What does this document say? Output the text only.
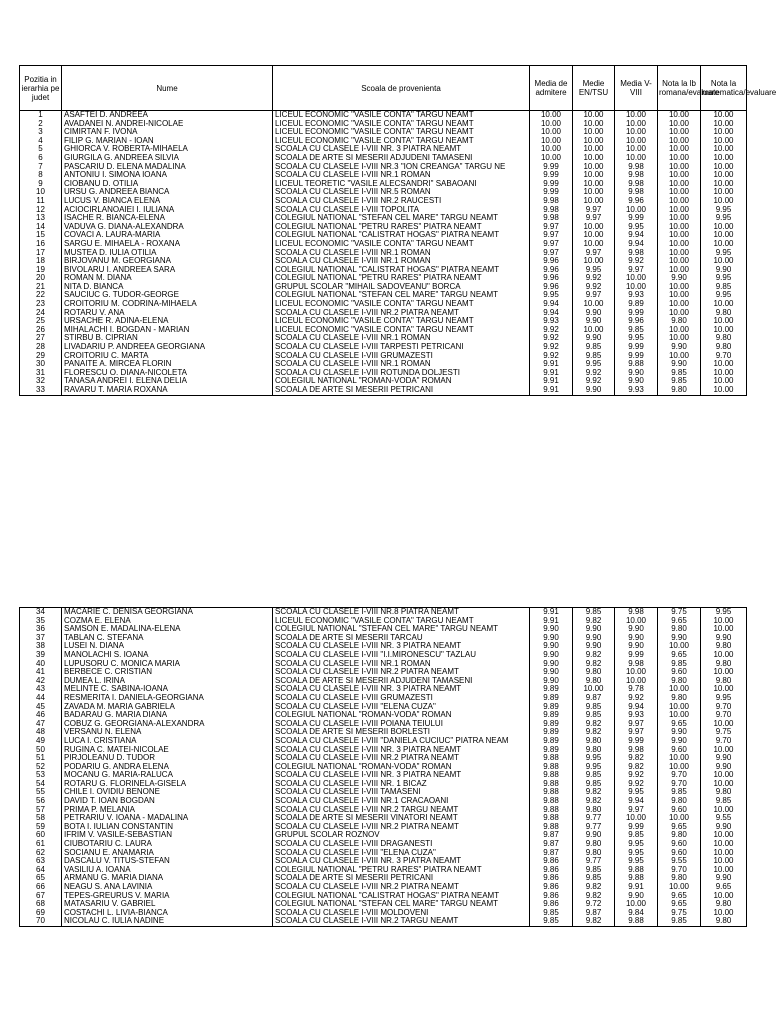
Pozitia in ierarhia pe judet	Nume	Scoala de provenienta	Media de admitere	Medie EN/TSU	Media V-VIII	Nota la lb romana/evaluare	Nota la matematica/evaluare
1	ASAFTEI D. ANDREEA	LICEUL ECONOMIC "VASILE CONTA" TARGU NEAMT	10.00	10.00	10.00	10.00	10.00
2	AVADANEI N. ANDREI-NICOLAE	LICEUL ECONOMIC "VASILE CONTA" TARGU NEAMT	10.00	10.00	10.00	10.00	10.00
3	CIMIRTAN F. IVONA	LICEUL ECONOMIC "VASILE CONTA" TARGU NEAMT	10.00	10.00	10.00	10.00	10.00
4	FILIP G. MARIAN - IOAN	LICEUL ECONOMIC "VASILE CONTA" TARGU NEAMT	10.00	10.00	10.00	10.00	10.00
5	GHIORCA V. ROBERTA-MIHAELA	SCOALA CU CLASELE I-VIII NR. 3 PIATRA NEAMT	10.00	10.00	10.00	10.00	10.00
6	GIURGILA G. ANDREEA SILVIA	SCOALA DE ARTE SI MESERII ADJUDENI TAMASENI	10.00	10.00	10.00	10.00	10.00
7	PASCARIU D. ELENA MADALINA	SCOALA CU CLASELE I-VIII NR.3 "ION CREANGA" TARGU NE	9.99	10.00	9.98	10.00	10.00
8	ANTONIU I. SIMONA IOANA	SCOALA CU CLASELE I-VIII NR.1 ROMAN	9.99	10.00	9.98	10.00	10.00
9	CIOBANU D. OTILIA	LICEUL TEORETIC "VASILE ALECSANDRI" SABAOANI	9.99	10.00	9.98	10.00	10.00
10	URSU G. ANDREEA BIANCA	SCOALA CU CLASELE I-VIII NR.5 ROMAN	9.99	10.00	9.98	10.00	10.00
11	LUCUS V. BIANCA ELENA	SCOALA CU CLASELE I-VIII NR.2 RAUCESTI	9.98	10.00	9.96	10.00	10.00
12	ACIOCIRLANOAIEI I. IULIANA	SCOALA CU CLASELE I-VIII TOPOLITA	9.98	9.97	10.00	10.00	9.95
13	ISACHE R. BIANCA-ELENA	COLEGIUL NATIONAL "STEFAN CEL MARE" TARGU NEAMT	9.98	9.97	9.99	10.00	9.95
14	VADUVA G. DIANA-ALEXANDRA	COLEGIUL NATIONAL "PETRU RARES" PIATRA NEAMT	9.97	10.00	9.95	10.00	10.00
15	COVACI A. LAURA-MARIA	COLEGIUL NATIONAL "CALISTRAT HOGAS" PIATRA NEAMT	9.97	10.00	9.94	10.00	10.00
16	SARGU E. MIHAELA - ROXANA	LICEUL ECONOMIC "VASILE CONTA" TARGU NEAMT	9.97	10.00	9.94	10.00	10.00
17	MUSTEA D. IULIA OTILIA	SCOALA CU CLASELE I-VIII NR.1 ROMAN	9.97	9.97	9.98	10.00	9.95
18	BIRJOVANU M. GEORGIANA	SCOALA CU CLASELE I-VIII NR.1 ROMAN	9.96	10.00	9.92	10.00	10.00
19	BIVOLARU I. ANDREEA SARA	COLEGIUL NATIONAL "CALISTRAT HOGAS" PIATRA NEAMT	9.96	9.95	9.97	10.00	9.90
20	ROMAN M. DIANA	COLEGIUL NATIONAL "PETRU RARES" PIATRA NEAMT	9.96	9.92	10.00	9.90	9.95
21	NITA D. BIANCA	GRUPUL SCOLAR "MIHAIL SADOVEANU" BORCA	9.96	9.92	10.00	10.00	9.85
22	SAUCIUC G. TUDOR-GEORGE	COLEGIUL NATIONAL "STEFAN CEL MARE" TARGU NEAMT	9.95	9.97	9.93	10.00	9.95
23	CROITORIU M. CODRINA-MIHAELA	LICEUL ECONOMIC "VASILE CONTA" TARGU NEAMT	9.94	10.00	9.89	10.00	10.00
24	ROTARU V. ANA	SCOALA CU CLASELE I-VIII NR.2 PIATRA NEAMT	9.94	9.90	9.99	10.00	9.80
25	URSACHE R. ADINA-ELENA	LICEUL ECONOMIC "VASILE CONTA" TARGU NEAMT	9.93	9.90	9.96	9.80	10.00
26	MIHALACHI I. BOGDAN - MARIAN	LICEUL ECONOMIC "VASILE CONTA" TARGU NEAMT	9.92	10.00	9.85	10.00	10.00
27	STIRBU B. CIPRIAN	SCOALA CU CLASELE I-VIII NR.1 ROMAN	9.92	9.90	9.95	10.00	9.80
28	LIVADARIU P. ANDREEA GEORGIANA	SCOALA CU CLASELE I-VIII TARPESTI PETRICANI	9.92	9.85	9.99	9.90	9.80
29	CROITORIU C. MARTA	SCOALA CU CLASELE I-VIII GRUMAZESTI	9.92	9.85	9.99	10.00	9.70
30	PANAITE A. MIRCEA FLORIN	SCOALA CU CLASELE I-VIII NR.1 ROMAN	9.91	9.95	9.88	9.90	10.00
31	FLORESCU O. DIANA-NICOLETA	SCOALA CU CLASELE I-VIII ROTUNDA DOLJESTI	9.91	9.92	9.90	9.85	10.00
32	TANASA ANDREI I. ELENA DELIA	COLEGIUL NATIONAL "ROMAN-VODA" ROMAN	9.91	9.92	9.90	9.85	10.00
33	RAVARU T. MARIA ROXANA	SCOALA DE ARTE SI MESERII PETRICANI	9.91	9.90	9.93	9.80	10.00
34	MACARIE C. DENISA GEORGIANA	SCOALA CU CLASELE I-VIII NR.8 PIATRA NEAMT	9.91	9.85	9.98	9.75	9.95
35	COZMA E. ELENA	LICEUL ECONOMIC "VASILE CONTA" TARGU NEAMT	9.91	9.82	10.00	9.65	10.00
36	SAMSON E. MADALINA-ELENA	COLEGIUL NATIONAL "STEFAN CEL MARE" TARGU NEAMT	9.90	9.90	9.90	9.80	10.00
37	TABLAN C. STEFANA	SCOALA DE ARTE SI MESERII TARCAU	9.90	9.90	9.90	9.90	9.90
38	LUSEI N. DIANA	SCOALA CU CLASELE I-VIII NR. 3 PIATRA NEAMT	9.90	9.90	9.90	10.00	9.80
39	MANOLACHI S. IOANA	SCOALA CU CLASELE I-VIII "I.I.MIRONESCU" TAZLAU	9.90	9.82	9.99	9.65	10.00
40	LUPUSORU C. MONICA MARIA	SCOALA CU CLASELE I-VIII NR.1 ROMAN	9.90	9.82	9.98	9.85	9.80
41	BERBECE C. CRISTIAN	SCOALA CU CLASELE I-VIII NR.2 PIATRA NEAMT	9.90	9.80	10.00	9.60	10.00
42	DUMEA L. IRINA	SCOALA DE ARTE SI MESERII ADJUDENI TAMASENI	9.90	9.80	10.00	9.80	9.80
43	MELINTE C. SABINA-IOANA	SCOALA CU CLASELE I-VIII NR. 3 PIATRA NEAMT	9.89	10.00	9.78	10.00	10.00
44	RESMERITA I. DANIELA-GEORGIANA	SCOALA CU CLASELE I-VIII GRUMAZESTI	9.89	9.87	9.92	9.80	9.95
45	ZAVADA M. MARIA GABRIELA	SCOALA CU CLASELE I-VIII "ELENA CUZA"	9.89	9.85	9.94	10.00	9.70
46	BADARAU G. MARIA DIANA	COLEGIUL NATIONAL "ROMAN-VODA" ROMAN	9.89	9.85	9.93	10.00	9.70
47	COBUZ G. GEORGIANA-ALEXANDRA	SCOALA CU CLASELE I-VIII POIANA TEIULUI	9.89	9.82	9.97	9.65	10.00
48	VERSANU N. ELENA	SCOALA DE ARTE SI MESERII BORLESTI	9.89	9.82	9.97	9.90	9.75
49	LUCA I. CRISTIANA	SCOALA CU CLASELE I-VIII "DANIELA CUCIUC" PIATRA NEAM	9.89	9.80	9.99	9.90	9.70
50	RUGINA C. MATEI-NICOLAE	SCOALA CU CLASELE I-VIII NR. 3 PIATRA NEAMT	9.89	9.80	9.98	9.60	10.00
51	PIRJOLEANU D. TUDOR	SCOALA CU CLASELE I-VIII NR.2 PIATRA NEAMT	9.88	9.95	9.82	10.00	9.90
52	PODARIU G. ANDRA ELENA	COLEGIUL NATIONAL "ROMAN-VODA" ROMAN	9.88	9.95	9.82	10.00	9.90
53	MOCANU G. MARIA-RALUCA	SCOALA CU CLASELE I-VIII NR. 3 PIATRA NEAMT	9.88	9.85	9.92	9.70	10.00
54	ROTARU G. FLORINELA-GISELA	SCOALA CU CLASELE I-VIII NR. 1 BICAZ	9.88	9.85	9.92	9.70	10.00
55	CHILE I. OVIDIU BENONE	SCOALA CU CLASELE I-VIII TAMASENI	9.88	9.82	9.95	9.85	9.80
56	DAVID T. IOAN BOGDAN	SCOALA CU CLASELE I-VIII NR.1 CRACAOANI	9.88	9.82	9.94	9.80	9.85
57	PRIMA P. MELANIA	SCOALA CU CLASELE I-VIII NR.2 TARGU NEAMT	9.88	9.80	9.97	9.60	10.00
58	PETRARIU V. IOANA - MADALINA	SCOALA DE ARTE SI MESERII VINATORI NEAMT	9.88	9.77	10.00	10.00	9.55
59	BOTA I. IULIAN CONSTANTIN	SCOALA CU CLASELE I-VIII NR.2 PIATRA NEAMT	9.88	9.77	9.99	9.65	9.90
60	IFRIM V. VASILE-SEBASTIAN	GRUPUL SCOLAR ROZNOV	9.87	9.90	9.85	9.80	10.00
61	CIUBOTARIU C. LAURA	SCOALA CU CLASELE I-VIII DRAGANESTI	9.87	9.80	9.95	9.60	10.00
62	SOCIANU E. ANAMARIA	SCOALA CU CLASELE I-VIII "ELENA CUZA"	9.87	9.80	9.95	9.60	10.00
63	DASCALU V. TITUS-STEFAN	SCOALA CU CLASELE I-VIII NR. 3 PIATRA NEAMT	9.86	9.77	9.95	9.55	10.00
64	VASILIU A. IOANA	COLEGIUL NATIONAL "PETRU RARES" PIATRA NEAMT	9.86	9.85	9.88	9.70	10.00
65	ARMANU G. MARIA DIANA	SCOALA DE ARTE SI MESERII PETRICANI	9.86	9.85	9.88	9.80	9.90
66	NEAGU S. ANA LAVINIA	SCOALA CU CLASELE I-VIII NR.2 PIATRA NEAMT	9.86	9.82	9.91	10.00	9.65
67	TEPES-GREURUS V. MARIA	COLEGIUL NATIONAL "CALISTRAT HOGAS" PIATRA NEAMT	9.86	9.82	9.90	9.65	10.00
68	MATASARIU V. GABRIEL	COLEGIUL NATIONAL "STEFAN CEL MARE" TARGU NEAMT	9.86	9.72	10.00	9.65	9.80
69	COSTACHI L. LIVIA-BIANCA	SCOALA CU CLASELE I-VIII MOLDOVENI	9.85	9.87	9.84	9.75	10.00
70	NICOLAU C. IULIA NADINE	SCOALA CU CLASELE I-VIII NR.2 TARGU NEAMT	9.85	9.82	9.88	9.85	9.80
